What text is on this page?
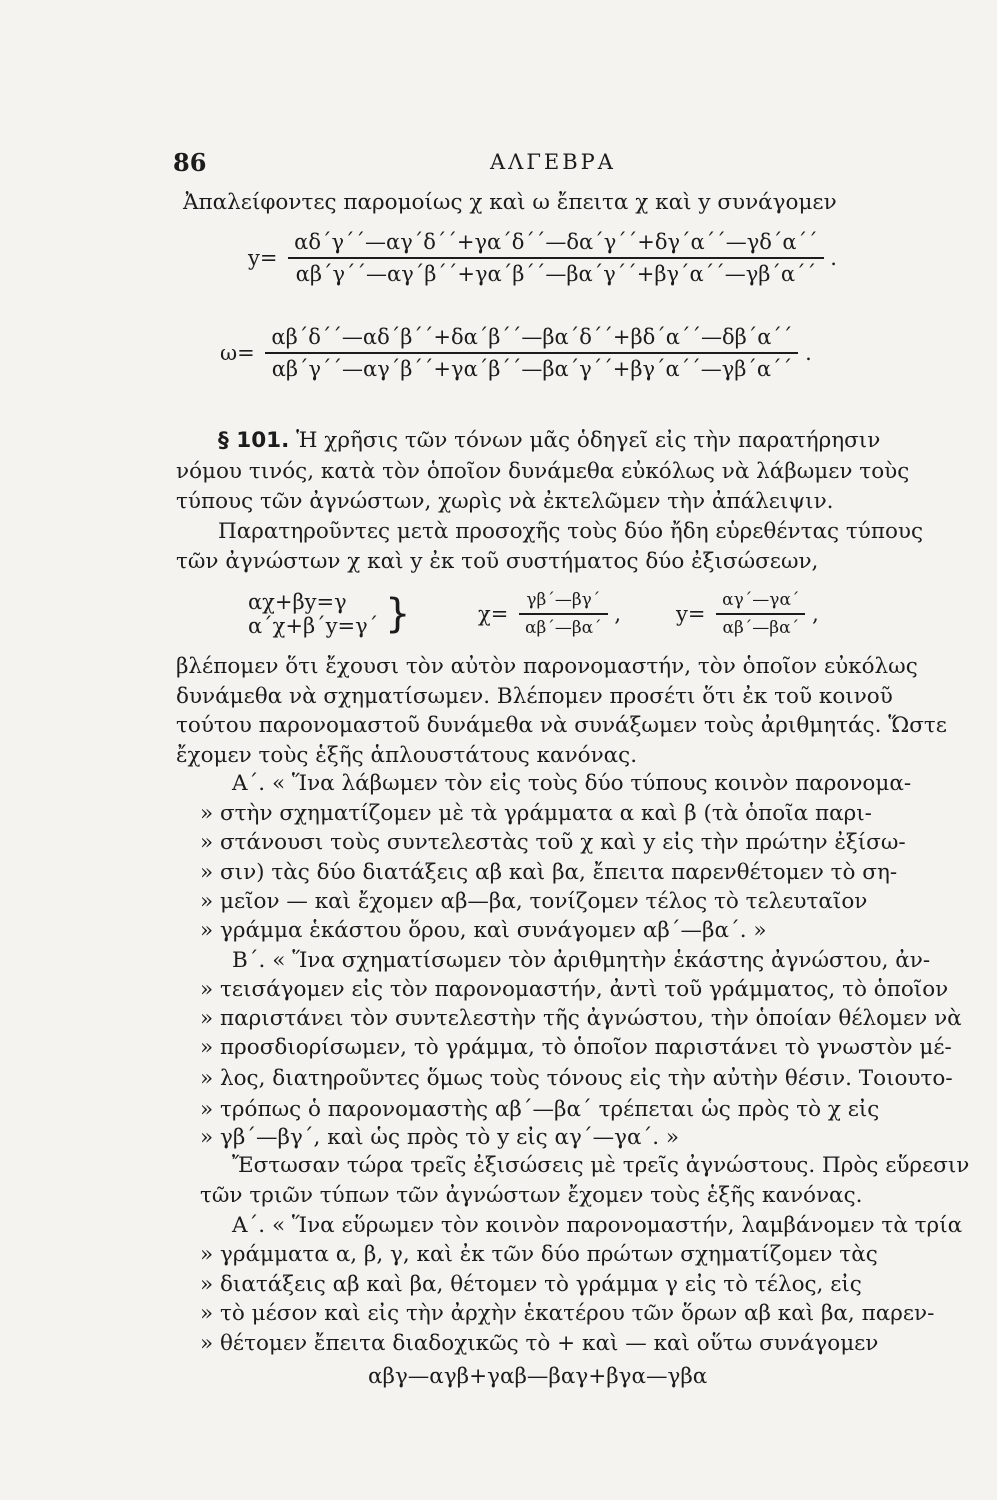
86	ΑΛΓΕΒΡΑ
Ἀπαλείφοντες παρομοίως χ καὶ ω ἔπειτα χ καὶ y συνάγομεν
$y= \frac{\alpha\delta΄\gamma΄΄—\alpha\gamma΄\delta΄΄+\gamma\alpha΄\delta΄΄—\delta\alpha΄\gamma΄΄+\delta\gamma΄\alpha΄΄—\gamma\delta΄\alpha΄΄}{\alpha\beta΄\gamma΄΄—\alpha\gamma΄\beta΄΄+\gamma\alpha΄\beta΄΄—\beta\alpha΄\gamma΄΄+\beta\gamma΄\alpha΄΄—\gamma\beta΄\alpha΄΄}$ .
$\omega= \frac{\alpha\beta΄\delta΄΄—\alpha\delta΄\beta΄΄+\delta\alpha΄\beta΄΄—\beta\alpha΄\delta΄΄+\beta\delta΄\alpha΄΄—\delta\beta΄\alpha΄΄}{\alpha\beta΄\gamma΄΄—\alpha\gamma΄\beta΄΄+\gamma\alpha΄\beta΄΄—\beta\alpha΄\gamma΄΄+\beta\gamma΄\alpha΄΄—\gamma\beta΄\alpha΄΄}$ .
§ 101. Ἡ χρῆσις τῶν τόνων μᾶς ὁδηγεῖ εἰς τὴν παρατήρησιν
νόμου τινός, κατὰ τὸν ὁποῖον δυνάμεθα εὐκόλως νὰ λάβωμεν τοὺς
τύπους τῶν ἀγνώστων, χωρὶς νὰ ἐκτελῶμεν τὴν ἀπάλειψιν.
Παρατηροῦντες μετὰ προσοχῆς τοὺς δύο ἤδη εὑρεθέντας τύπους
τῶν ἀγνώστων χ καὶ y ἐκ τοῦ συστήματος δύο ἐξισώσεων,
αχ+βy=γ
α΄χ+β΄y=γ΄ }	$\chi= \frac{\gamma\beta΄—\beta\gamma΄}{\alpha\beta΄—\beta\alpha΄}$ ,	$y= \frac{\alpha\gamma΄—\gamma\alpha΄}{\alpha\beta΄—\beta\alpha΄}$ ,
βλέπομεν ὅτι ἔχουσι τὸν αὐτὸν παρονομαστήν, τὸν ὁποῖον εὐκόλως
δυνάμεθα νὰ σχηματίσωμεν. Βλέπομεν προσέτι ὅτι ἐκ τοῦ κοινοῦ
τούτου παρονομαστοῦ δυνάμεθα νὰ συνάξωμεν τοὺς ἀριθμητάς. Ὥστε
ἔχομεν τοὺς ἑξῆς ἁπλουστάτους κανόνας.
Α΄. « Ἵνα λάβωμεν τὸν εἰς τοὺς δύο τύπους κοινὸν παρονομα-
» στὴν σχηματίζομεν μὲ τὰ γράμματα α καὶ β (τὰ ὁποῖα παρι-
» στάνουσι τοὺς συντελεστὰς τοῦ χ καὶ y εἰς τὴν πρώτην ἐξίσω-
» σιν) τὰς δύο διατάξεις αβ καὶ βα, ἔπειτα παρενθέτομεν τὸ ση-
» μεῖον — καὶ ἔχομεν αβ—βα, τονίζομεν τέλος τὸ τελευταῖον
» γράμμα ἑκάστου ὅρου, καὶ συνάγομεν αβ΄—βα΄. »
Β΄. « Ἵνα σχηματίσωμεν τὸν ἀριθμητὴν ἑκάστης ἀγνώστου, ἀν-
» τεισάγομεν εἰς τὸν παρονομαστήν, ἀντὶ τοῦ γράμματος, τὸ ὁποῖον
» παριστάνει τὸν συντελεστὴν τῆς ἀγνώστου, τὴν ὁποίαν θέλομεν νὰ
» προσδιορίσωμεν, τὸ γράμμα, τὸ ὁποῖον παριστάνει τὸ γνωστὸν μέ-
» λος, διατηροῦντες ὅμως τοὺς τόνους εἰς τὴν αὐτὴν θέσιν. Τοιουτο-
» τρόπως ὁ παρονομαστὴς αβ΄—βα΄ τρέπεται ὡς πρὸς τὸ χ εἰς
» γβ΄—βγ΄, καὶ ὡς πρὸς τὸ y εἰς αγ΄—γα΄. »
Ἔστωσαν τώρα τρεῖς ἐξισώσεις μὲ τρεῖς ἀγνώστους. Πρὸς εὕρεσιν
τῶν τριῶν τύπων τῶν ἀγνώστων ἔχομεν τοὺς ἑξῆς κανόνας.
Α΄. « Ἵνα εὕρωμεν τὸν κοινὸν παρονομαστήν, λαμβάνομεν τὰ τρία
» γράμματα α, β, γ, καὶ ἐκ τῶν δύο πρώτων σχηματίζομεν τὰς
» διατάξεις αβ καὶ βα, θέτομεν τὸ γράμμα γ εἰς τὸ τέλος, εἰς
» τὸ μέσον καὶ εἰς τὴν ἀρχὴν ἑκατέρου τῶν ὅρων αβ καὶ βα, παρεν-
» θέτομεν ἔπειτα διαδοχικῶς τὸ + καὶ — καὶ οὕτω συνάγομεν
αβγ—αγβ+γαβ—βαγ+βγα—γβα
